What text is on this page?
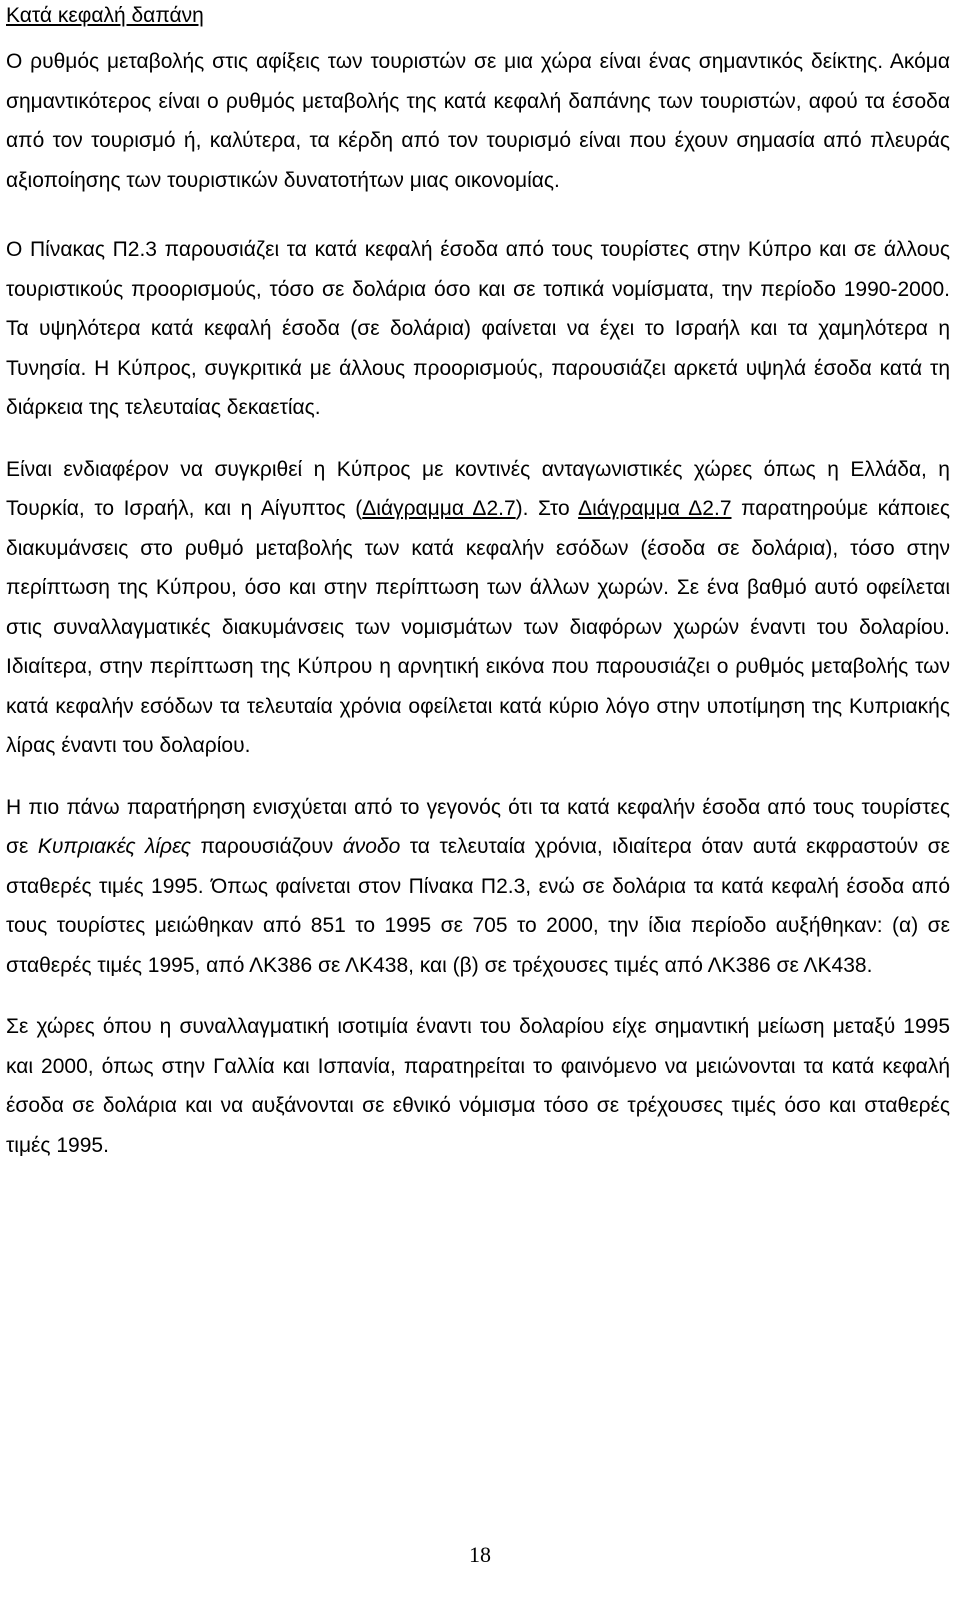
Κατά κεφαλή δαπάνη

Ο ρυθμός μεταβολής στις αφίξεις των τουριστών σε μια χώρα είναι ένας σημαντικός δείκτης. Ακόμα σημαντικότερος είναι ο ρυθμός μεταβολής της κατά κεφαλή δαπάνης των τουριστών, αφού τα έσοδα από τον τουρισμό ή, καλύτερα, τα κέρδη από τον τουρισμό είναι που έχουν σημασία από πλευράς αξιοποίησης των τουριστικών δυνατοτήτων μιας οικονομίας.

Ο Πίνακας Π2.3 παρουσιάζει τα κατά κεφαλή έσοδα από τους τουρίστες στην Κύπρο και σε άλλους τουριστικούς προορισμούς, τόσο σε δολάρια όσο και σε τοπικά νομίσματα, την περίοδο 1990-2000. Τα υψηλότερα κατά κεφαλή έσοδα (σε δολάρια) φαίνεται να έχει το Ισραήλ και τα χαμηλότερα η Τυνησία. Η Κύπρος, συγκριτικά με άλλους προορισμούς, παρουσιάζει αρκετά υψηλά έσοδα κατά τη διάρκεια της τελευταίας δεκαετίας.

Είναι ενδιαφέρον να συγκριθεί η Κύπρος με κοντινές ανταγωνιστικές χώρες όπως η Ελλάδα, η Τουρκία, το Ισραήλ, και η Αίγυπτος (Διάγραμμα Δ2.7). Στο Διάγραμμα Δ2.7 παρατηρούμε κάποιες διακυμάνσεις στο ρυθμό μεταβολής των κατά κεφαλήν εσόδων (έσοδα σε δολάρια), τόσο στην περίπτωση της Κύπρου, όσο και στην περίπτωση των άλλων χωρών. Σε ένα βαθμό αυτό οφείλεται στις συναλλαγματικές διακυμάνσεις των νομισμάτων των διαφόρων χωρών έναντι του δολαρίου. Ιδιαίτερα, στην περίπτωση της Κύπρου η αρνητική εικόνα που παρουσιάζει ο ρυθμός μεταβολής των κατά κεφαλήν εσόδων τα τελευταία χρόνια οφείλεται κατά κύριο λόγο στην υποτίμηση της Κυπριακής λίρας έναντι του δολαρίου.

Η πιο πάνω παρατήρηση ενισχύεται από το γεγονός ότι τα κατά κεφαλήν έσοδα από τους τουρίστες σε Κυπριακές λίρες παρουσιάζουν άνοδο τα τελευταία χρόνια, ιδιαίτερα όταν αυτά εκφραστούν σε σταθερές τιμές 1995. Όπως φαίνεται στον Πίνακα Π2.3, ενώ σε δολάρια τα κατά κεφαλή έσοδα από τους τουρίστες μειώθηκαν από 851 το 1995 σε 705 το 2000, την ίδια περίοδο αυξήθηκαν: (α) σε σταθερές τιμές 1995, από ΛΚ386 σε ΛΚ438, και (β) σε τρέχουσες τιμές από ΛΚ386 σε ΛΚ438.

Σε χώρες όπου η συναλλαγματική ισοτιμία έναντι του δολαρίου είχε σημαντική μείωση μεταξύ 1995 και 2000, όπως στην Γαλλία και Ισπανία, παρατηρείται το φαινόμενο να μειώνονται τα κατά κεφαλή έσοδα σε δολάρια και να αυξάνονται σε εθνικό νόμισμα τόσο σε τρέχουσες τιμές όσο και σταθερές τιμές 1995.

18
